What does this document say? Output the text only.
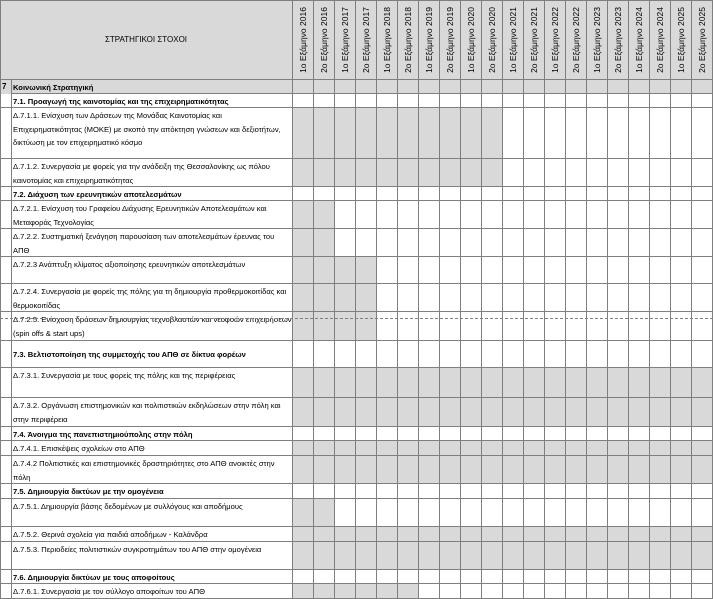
ΣΤΡΑΤΗΓΙΚΟΙ ΣΤΟΧΟΙ	1ο Εξάμηνο 2016 2ο Εξάμηνο 2016 1ο Εξάμηνο 2017 2ο Εξάμηνο 2017 1ο Εξάμηνο 2018 2ο Εξάμηνο 2018 1ο Εξάμηνο 2019 2ο Εξάμηνο 2019 1ο Εξάμηνο 2020 2ο Εξάμηνο 2020 1ο Εξάμηνο 2021 2ο Εξάμηνο 2021 1ο Εξάμηνο 2022 2ο Εξάμηνο 2022 1ο Εξάμηνο 2023 2ο Εξάμηνο 2023 1ο Εξάμηνο 2024 2ο Εξάμηνο 2024 1ο Εξάμηνο 2025 2ο Εξάμηνο 2025
Κοινωνική Στρατηγική
7
7.1. Προαγωγή της καινοτομίας και της επιχειρηματικότητας
Δ.7.1.1. Ενίσχυση των Δράσεων της Μονάδας Καινοτομίας και Επιχειρηματικότητας (ΜΟΚΕ) με σκοπό την απόκτηση γνώσεων και δεξιοτήτων, δικτύωση με τον επιχειρηματικό κόσμο
Δ.7.1.2. Συνεργασία με φορείς για την ανάδειξη της Θεσσαλονίκης ως πόλου καινοτομίας και επιχειρηματικότητας
7.2. Διάχυση των ερευνητικών αποτελεσμάτων
Δ.7.2.1. Ενίσχυση του Γραφείου Διάχυσης Ερευνητικών Αποτελεσμάτων και Μεταφοράς Τεχνολογίας
Δ.7.2.2. Συστηματική ξενάγηση παρουσίαση των αποτελεσμάτων έρευνας του ΑΠΘ
Δ.7.2.3 Ανάπτυξη κλίματος αξιοποίησης ερευνητικών αποτελεσμάτων
Δ.7.2.4. Συνεργασία με φορείς της πόλης για τη δημιουργία προθερμοκοιτίδας και θερμοκοιτίδας
Δ.7.2.5. Ενίσχυση δράσεων δημιουργίας τεχνοβλαστών και νεοφυών επιχειρήσεων (spin offs & start ups)
7.3. Βελτιστοποίηση της συμμετοχής του ΑΠΘ σε δίκτυα φορέων
Δ.7.3.1. Συνεργασία με τους φορείς της πόλης και της περιφέρειας
Δ.7.3.2. Οργάνωση επιστημονικών και πολιτιστικών εκδηλώσεων στην πόλη και στην περιφέρεια
7.4. Άνοιγμα της πανεπιστημιούπολης στην πόλη
Δ.7.4.1. Επισκέψεις σχολείων στο ΑΠΘ
Δ.7.4.2 Πολιτιστικές και επιστημονικές δραστηριότητες στο ΑΠΘ ανοικτές στην πόλη
7.5. Δημιουργία δικτύων με την ομογένεια
Δ.7.5.1. Δημιουργία βάσης δεδομένων με συλλόγους και αποδήμους
Δ.7.5.2. Θερινά σχολεία για παιδιά αποδήμων - Καλάνδρα
Δ.7.5.3. Περιοδείες πολιτιστικών συγκροτημάτων του ΑΠΘ στην ομογένεια
7.6. Δημιουργία δικτύων με τους αποφοίτους
Δ.7.6.1. Συνεργασία με τον σύλλογο αποφοίτων του ΑΠΘ
